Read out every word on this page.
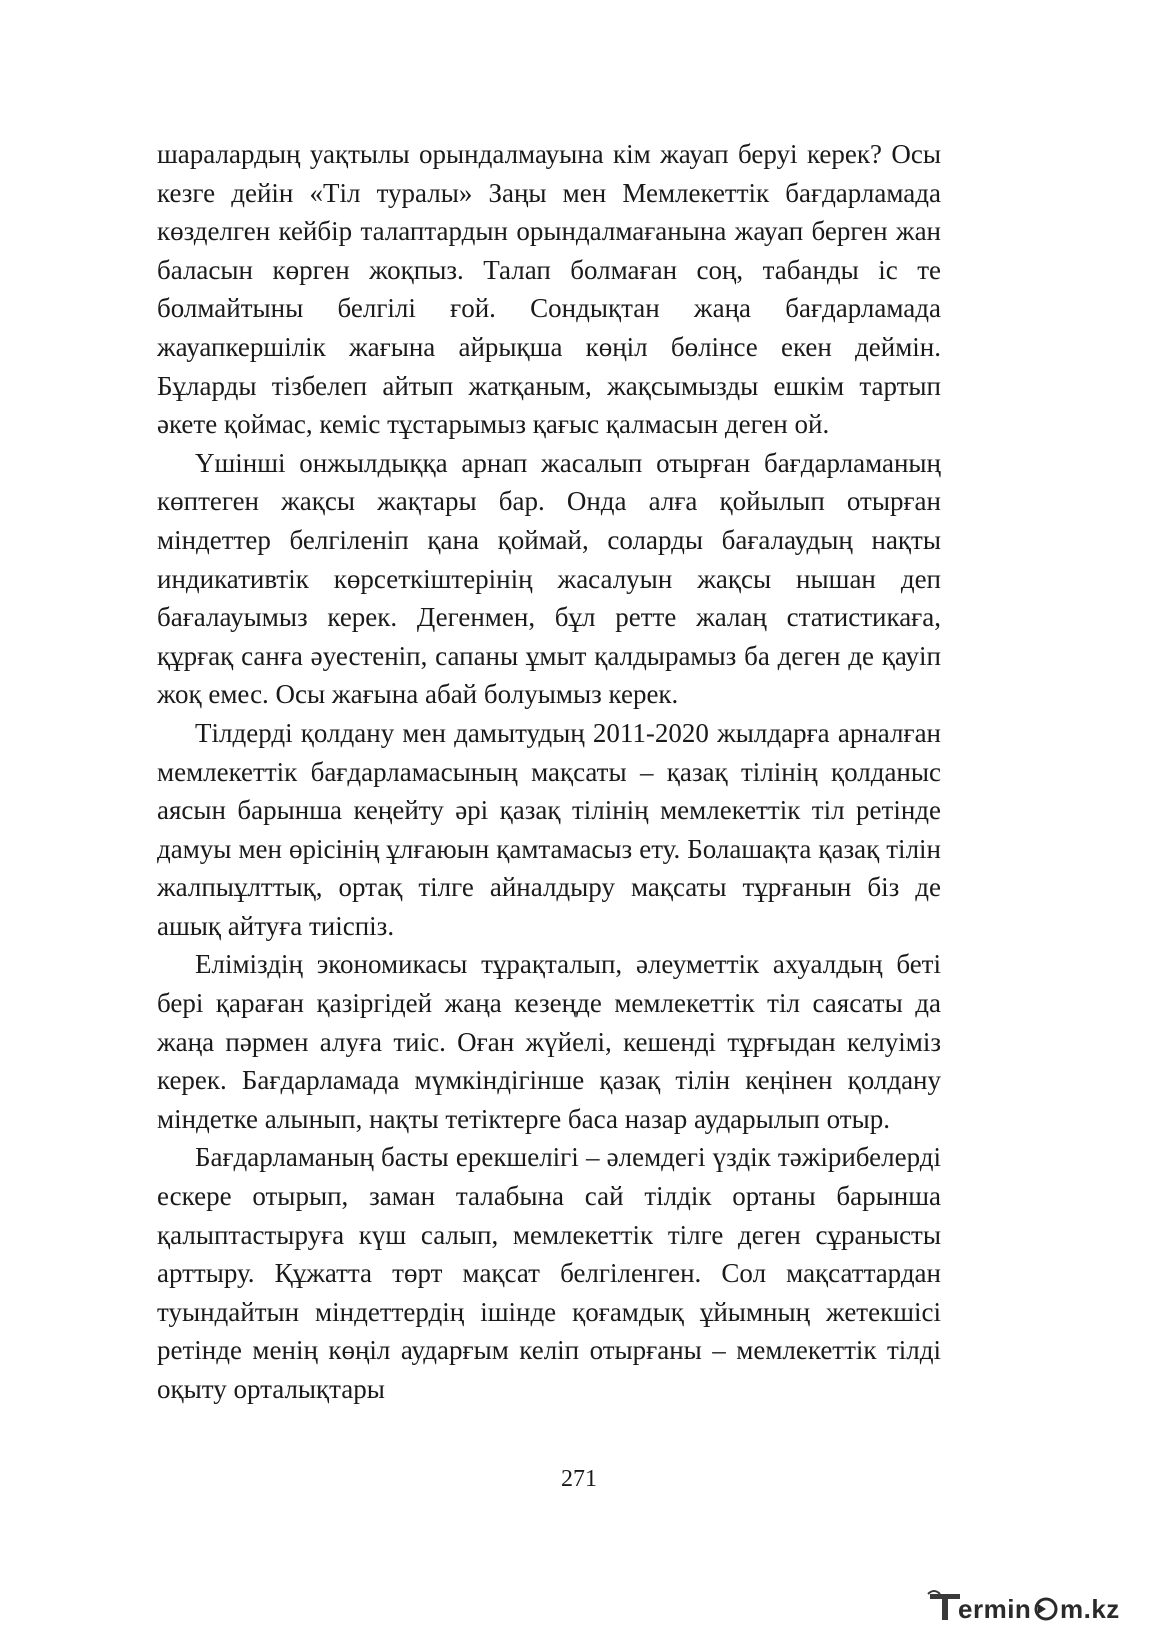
шаралардың уақтылы орындалмауына кім жауап беруі керек? Осы кезге дейін «Тіл туралы» Заңы мен Мемлекеттік бағдарламада көзделген кейбір талаптардын орындалмағанына жауап берген жан баласын көрген жоқпыз. Талап болмаған соң, табанды іс те болмайтыны белгілі ғой. Сондықтан жаңа бағдарламада жауапкершілік жағына айрықша көңіл бөлінсе екен деймін. Бұларды тізбелеп айтып жатқаным, жақсымызды ешкім тартып әкете қоймас, кеміс тұстарымыз қағыс қалмасын деген ой.

Үшінші онжылдыққа арнап жасалып отырған бағдарламаның көптеген жақсы жақтары бар. Онда алға қойылып отырған міндеттер белгіленіп қана қоймай, соларды бағалаудың нақты индикативтік көрсеткіштерінің жасалуын жақсы нышан деп бағалауымыз керек. Дегенмен, бұл ретте жалаң статистикаға, құрғақ санға әуестеніп, сапаны ұмыт қалдырамыз ба деген де қауіп жоқ емес. Осы жағына абай болуымыз керек.

Тілдерді қолдану мен дамытудың 2011-2020 жылдарға арналған мемлекеттік бағдарламасының мақсаты – қазақ тілінің қолданыс аясын барынша кеңейту әрі қазақ тілінің мемлекеттік тіл ретінде дамуы мен өрісінің ұлғаюын қамтамасыз ету. Болашақта қазақ тілін жалпыұлттық, ортақ тілге айналдыру мақсаты тұрғанын біз де ашық айтуға тиіспіз.

Еліміздің экономикасы тұрақталып, әлеуметтік ахуалдың беті бері қараған қазіргідей жаңа кезеңде мемлекеттік тіл саясаты да жаңа пәрмен алуға тиіс. Оған жүйелі, кешенді тұрғыдан келуіміз керек. Бағдарламада мүмкіндігінше қазақ тілін кеңінен қолдану міндетке алынып, нақты тетіктерге баса назар аударылып отыр.

Бағдарламаның басты ерекшелігі – әлемдегі үздік тәжірибелерді ескере отырып, заман талабына сай тілдік ортаны барынша қалыптастыруға күш салып, мемлекеттік тілге деген сұранысты арттыру. Құжатта төрт мақсат белгіленген. Сол мақсаттардан туындайтын міндеттердің ішінде қоғамдық ұйымның жетекшісі ретінде менің көңіл аударғым келіп отырғаны – мемлекеттік тілді оқыту орталықтары

271
ermin m.kz
